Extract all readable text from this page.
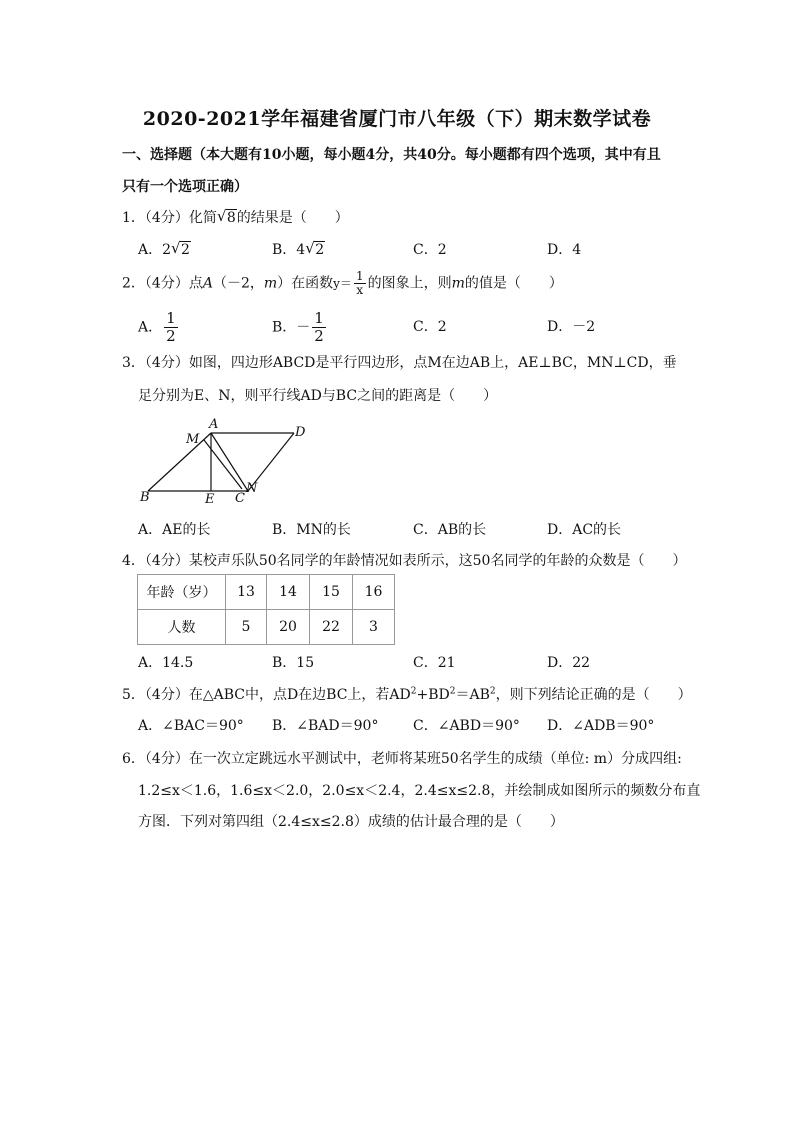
2020-2021学年福建省厦门市八年级（下）期末数学试卷
一、选择题（本大题有10小题，每小题4分，共40分。每小题都有四个选项，其中有且
只有一个选项正确）
1．（4分）化简 √ 8的结果是（　　）
A．2 √ 2	B．4 √ 2	C．2	D．4
2．（4分）点A（－2，m）在函数$y= \frac{1}{x}$ 的图象上，则m的值是（　　）
A． $\frac{1}{2}$	B．－ $\frac{1}{2}$	C．2	D．－2
3．（4分）如图，四边形ABCD是平行四边形，点M在边AB上，AE⊥BC，MN⊥CD，垂
足分别为E、N，则平行线AD与BC之间的距离是（　　）
A
M	D
B	E C
N
A．AE的长	B．MN的长	C．AB的长	D．AC的长
4．（4分）某校声乐队50名同学的年龄情况如表所示，这50名同学的年龄的众数是（　　）
年龄（岁）	13	14	15	16
人数	5	20	22	3
A．14.5	B．15	C．21	D．22
5．（4分）在△ABC中，点D在边BC上，若$AD^2+BD^2=AB^2$，则下列结论正确的是（　　）
A．∠BAC＝90° B．∠BAD＝90° C．∠ABD＝90° D．∠ADB＝90°
6．（4分）在一次立定跳远水平测试中，老师将某班50名学生的成绩（单位: m）分成四组:
1.2≤x＜1.6，1.6≤x＜2.0，2.0≤x＜2.4，2.4≤x≤2.8，并绘制成如图所示的频数分布直
方图．下列对第四组（2.4≤x≤2.8）成绩的估计最合理的是（　　）
